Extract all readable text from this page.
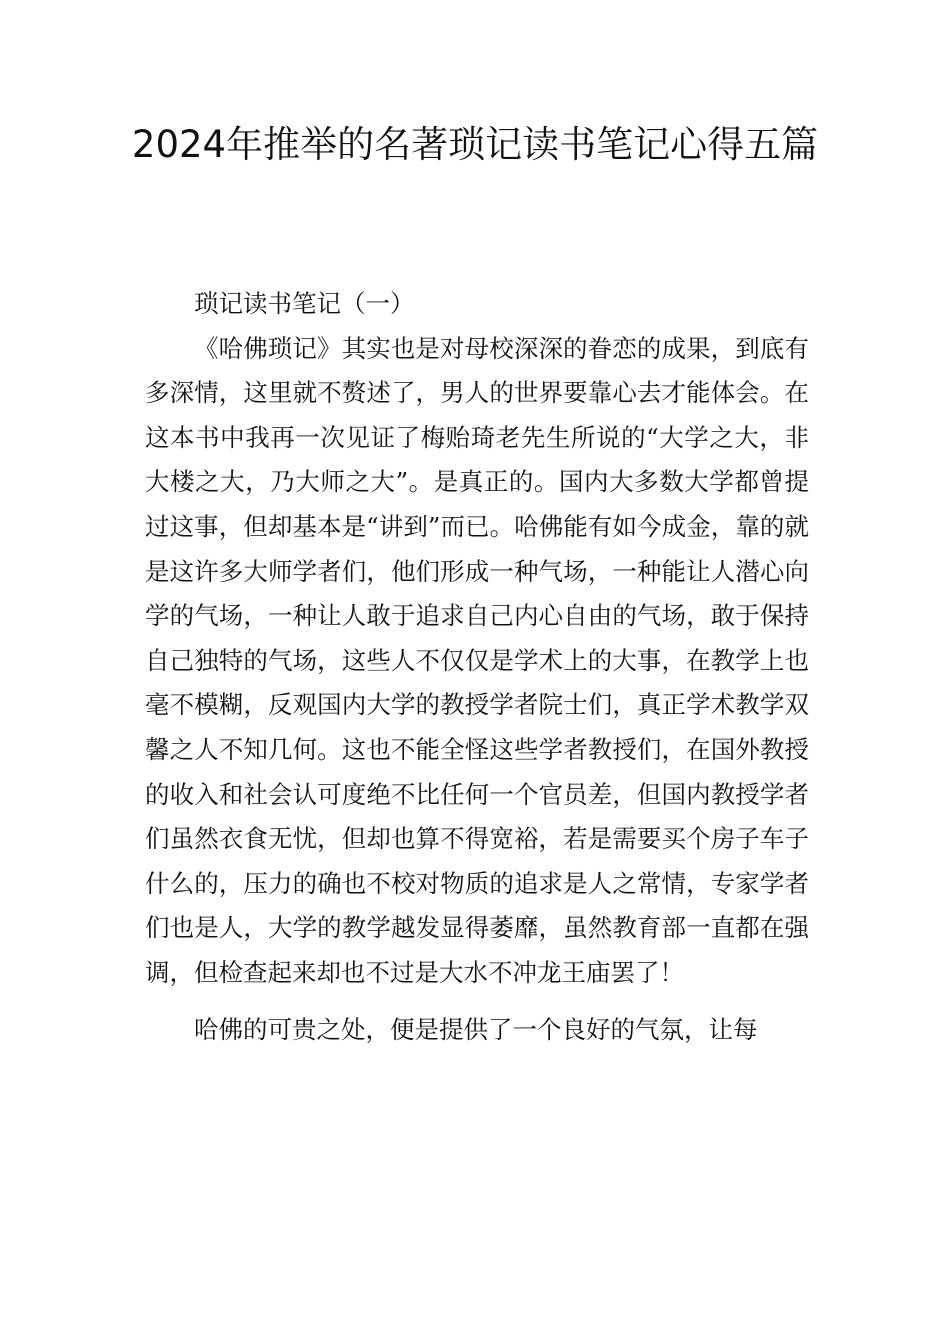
2024年推举的名著琐记读书笔记心得五篇

琐记读书笔记（一）

《哈佛琐记》其实也是对母校深深的眷恋的成果，到底有多深情，这里就不赘述了，男人的世界要靠心去才能体会。在这本书中我再一次见证了梅贻琦老先生所说的“大学之大，非大楼之大，乃大师之大”。是真正的。国内大多数大学都曾提过这事，但却基本是“讲到”而已。哈佛能有如今成金，靠的就是这许多大师学者们，他们形成一种气场，一种能让人潜心向学的气场，一种让人敢于追求自己内心自由的气场，敢于保持自己独特的气场，这些人不仅仅是学术上的大事，在教学上也毫不模糊，反观国内大学的教授学者院士们，真正学术教学双馨之人不知几何。这也不能全怪这些学者教授们，在国外教授的收入和社会认可度绝不比任何一个官员差，但国内教授学者们虽然衣食无忧，但却也算不得宽裕，若是需要买个房子车子什么的，压力的确也不校对物质的追求是人之常情，专家学者们也是人，大学的教学越发显得萎靡，虽然教育部一直都在强调，但检查起来却也不过是大水不冲龙王庙罢了！

哈佛的可贵之处，便是提供了一个良好的气氛，让每
